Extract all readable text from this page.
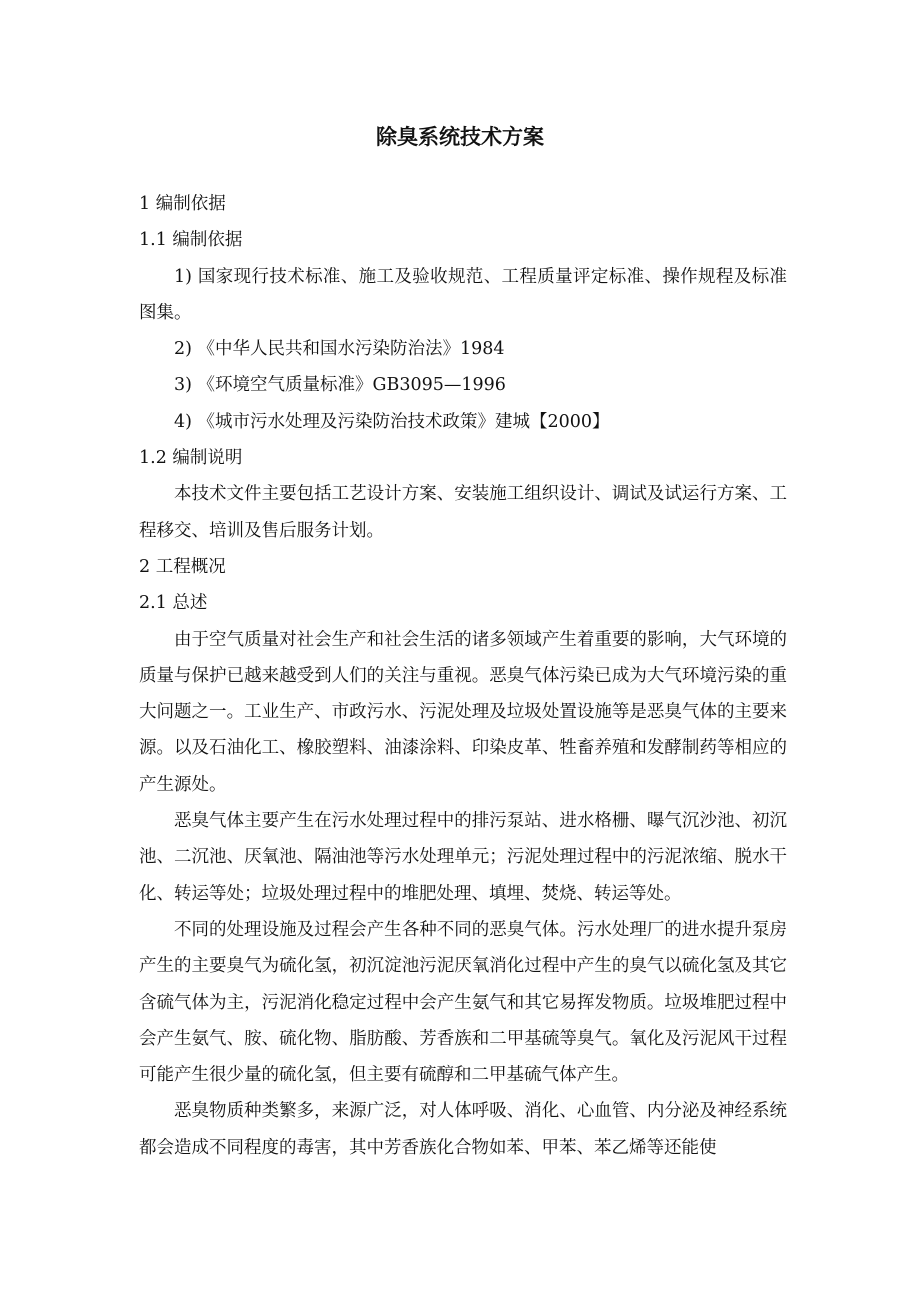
除臭系统技术方案

1 编制依据

1.1 编制依据

1) 国家现行技术标准、施工及验收规范、工程质量评定标准、操作规程及标准图集。

2) 《中华人民共和国水污染防治法》1984

3) 《环境空气质量标准》GB3095—1996

4) 《城市污水处理及污染防治技术政策》建城【2000】

1.2 编制说明

本技术文件主要包括工艺设计方案、安装施工组织设计、调试及试运行方案、工程移交、培训及售后服务计划。

2 工程概况

2.1 总述

由于空气质量对社会生产和社会生活的诸多领域产生着重要的影响，大气环境的质量与保护已越来越受到人们的关注与重视。恶臭气体污染已成为大气环境污染的重大问题之一。工业生产、市政污水、污泥处理及垃圾处置设施等是恶臭气体的主要来源。以及石油化工、橡胶塑料、油漆涂料、印染皮革、牲畜养殖和发酵制药等相应的产生源处。

恶臭气体主要产生在污水处理过程中的排污泵站、进水格栅、曝气沉沙池、初沉池、二沉池、厌氧池、隔油池等污水处理单元；污泥处理过程中的污泥浓缩、脱水干化、转运等处；垃圾处理过程中的堆肥处理、填埋、焚烧、转运等处。

不同的处理设施及过程会产生各种不同的恶臭气体。污水处理厂的进水提升泵房产生的主要臭气为硫化氢，初沉淀池污泥厌氧消化过程中产生的臭气以硫化氢及其它含硫气体为主，污泥消化稳定过程中会产生氨气和其它易挥发物质。垃圾堆肥过程中会产生氨气、胺、硫化物、脂肪酸、芳香族和二甲基硫等臭气。氧化及污泥风干过程可能产生很少量的硫化氢，但主要有硫醇和二甲基硫气体产生。

恶臭物质种类繁多，来源广泛，对人体呼吸、消化、心血管、内分泌及神经系统都会造成不同程度的毒害，其中芳香族化合物如苯、甲苯、苯乙烯等还能使
